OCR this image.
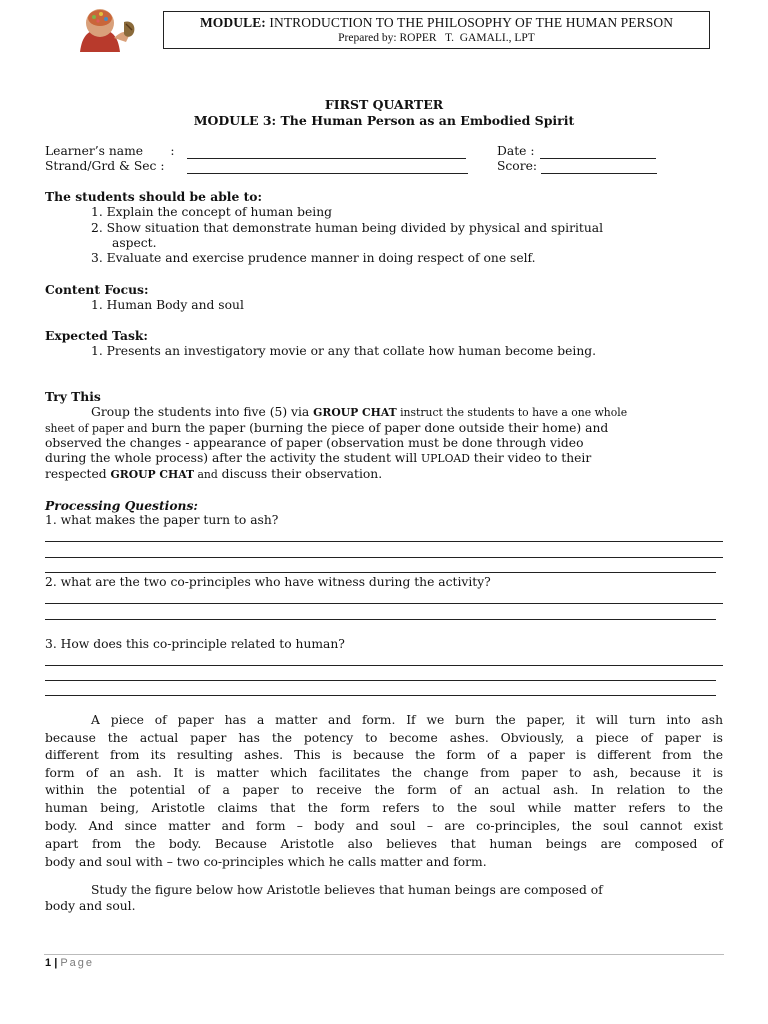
MODULE: INTRODUCTION TO THE PHILOSOPHY OF THE HUMAN PERSON
Prepared by: ROPER   T.  GAMALI., LPT
FIRST QUARTER
MODULE 3: The Human Person as an Embodied Spirit
Learner’s name       :	Date :
Strand/Grd & Sec :	Score:
The students should be able to:
1. Explain the concept of human being
2. Show situation that demonstrate human being divided by physical and spiritual
aspect.
3. Evaluate and exercise prudence manner in doing respect of one self.
Content Focus:
1. Human Body and soul
Expected Task:
1. Presents an investigatory movie or any that collate how human become being.
Try This
Group the students into five (5) via GROUP CHAT instruct the students to have a one whole
sheet of paper and burn the paper (burning the piece of paper done outside their home) and
observed the changes - appearance of paper (observation must be done through video
during the whole process) after the activity the student will UPLOAD their video to their
respected GROUP CHAT and discuss their observation.
Processing Questions:
1. what makes the paper turn to ash?
2. what are the two co-principles who have witness during the activity?
3. How does this co-principle related to human?
A piece of paper has a matter and form. If we burn the paper, it will turn into ash
because the actual paper has the potency to become ashes. Obviously, a piece of paper is
different from its resulting ashes. This is because the form of a paper is different from the
form of an ash. It is matter which facilitates the change from paper to ash, because it is
within the potential of a paper to receive the form of an actual ash. In relation to the
human being, Aristotle claims that the form refers to the soul while matter refers to the
body. And since matter and form – body and soul – are co-principles, the soul cannot exist
apart from the body. Because Aristotle also believes that human beings are composed of
body and soul with – two co-principles which he calls matter and form.
Study the figure below how Aristotle believes that human beings are composed of
body and soul.
1 | Page
